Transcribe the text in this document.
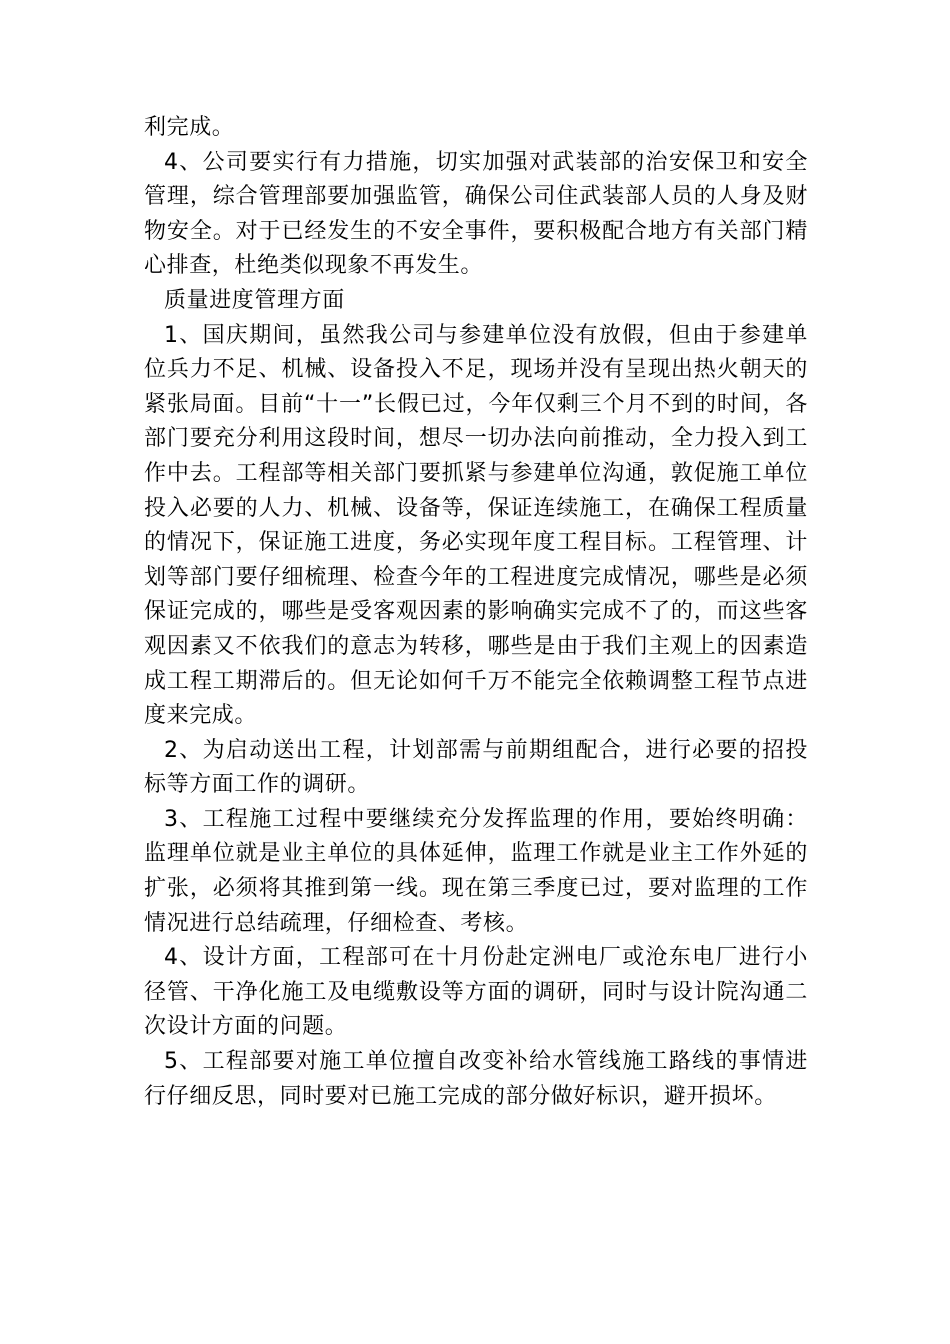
利完成。

4、公司要实行有力措施，切实加强对武装部的治安保卫和安全管理，综合管理部要加强监管，确保公司住武装部人员的人身及财物安全。对于已经发生的不安全事件，要积极配合地方有关部门精心排查，杜绝类似现象不再发生。

质量进度管理方面

1、国庆期间，虽然我公司与参建单位没有放假，但由于参建单位兵力不足、机械、设备投入不足，现场并没有呈现出热火朝天的紧张局面。目前“十一”长假已过，今年仅剩三个月不到的时间，各部门要充分利用这段时间，想尽一切办法向前推动，全力投入到工作中去。工程部等相关部门要抓紧与参建单位沟通，敦促施工单位投入必要的人力、机械、设备等，保证连续施工，在确保工程质量的情况下，保证施工进度，务必实现年度工程目标。工程管理、计划等部门要仔细梳理、检查今年的工程进度完成情况，哪些是必须保证完成的，哪些是受客观因素的影响确实完成不了的，而这些客观因素又不依我们的意志为转移，哪些是由于我们主观上的因素造成工程工期滞后的。但无论如何千万不能完全依赖调整工程节点进度来完成。

2、为启动送出工程，计划部需与前期组配合，进行必要的招投标等方面工作的调研。

3、工程施工过程中要继续充分发挥监理的作用，要始终明确：监理单位就是业主单位的具体延伸，监理工作就是业主工作外延的扩张，必须将其推到第一线。现在第三季度已过，要对监理的工作情况进行总结疏理，仔细检查、考核。

4、设计方面，工程部可在十月份赴定洲电厂或沧东电厂进行小径管、干净化施工及电缆敷设等方面的调研，同时与设计院沟通二次设计方面的问题。

5、工程部要对施工单位擅自改变补给水管线施工路线的事情进行仔细反思，同时要对已施工完成的部分做好标识，避开损坏。
